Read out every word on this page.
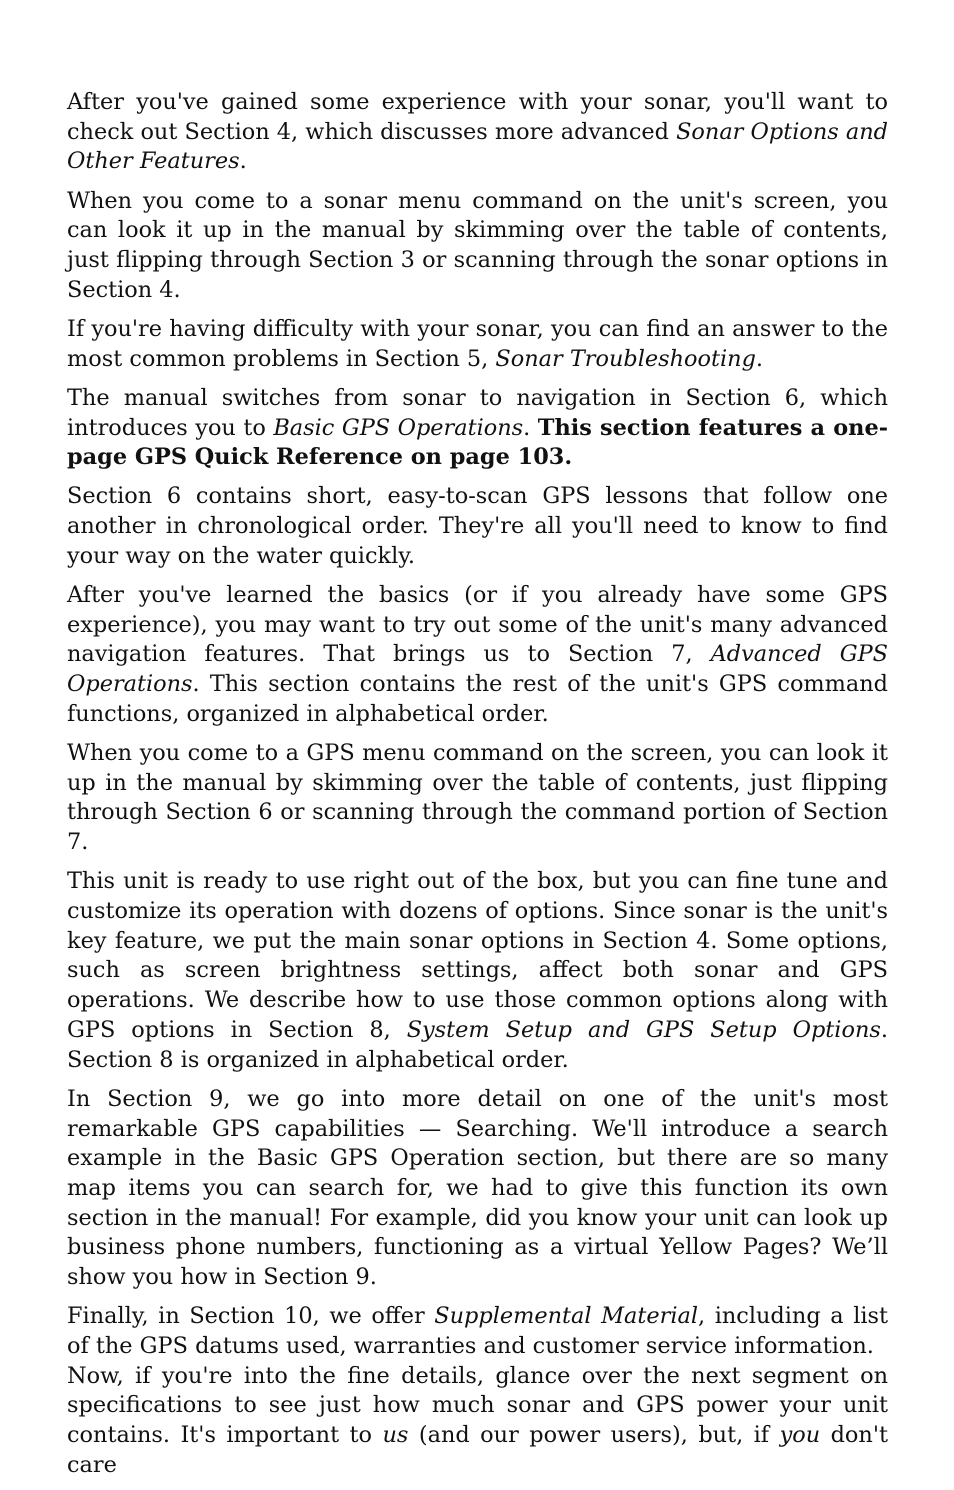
After you've gained some experience with your sonar, you'll want to check out Section 4, which discusses more advanced Sonar Options and Other Features.

When you come to a sonar menu command on the unit's screen, you can look it up in the manual by skimming over the table of contents, just flipping through Section 3 or scanning through the sonar options in Section 4.

If you're having difficulty with your sonar, you can find an answer to the most common problems in Section 5, Sonar Troubleshooting.

The manual switches from sonar to navigation in Section 6, which introduces you to Basic GPS Operations. This section features a one-page GPS Quick Reference on page 103.

Section 6 contains short, easy-to-scan GPS lessons that follow one another in chronological order. They're all you'll need to know to find your way on the water quickly.

After you've learned the basics (or if you already have some GPS experience), you may want to try out some of the unit's many advanced navigation features. That brings us to Section 7, Advanced GPS Operations. This section contains the rest of the unit's GPS command functions, organized in alphabetical order.

When you come to a GPS menu command on the screen, you can look it up in the manual by skimming over the table of contents, just flipping through Section 6 or scanning through the command portion of Section 7.

This unit is ready to use right out of the box, but you can fine tune and customize its operation with dozens of options. Since sonar is the unit's key feature, we put the main sonar options in Section 4. Some options, such as screen brightness settings, affect both sonar and GPS operations. We describe how to use those common options along with GPS options in Section 8, System Setup and GPS Setup Options. Section 8 is organized in alphabetical order.

In Section 9, we go into more detail on one of the unit's most remarkable GPS capabilities — Searching. We'll introduce a search example in the Basic GPS Operation section, but there are so many map items you can search for, we had to give this function its own section in the manual! For example, did you know your unit can look up business phone numbers, functioning as a virtual Yellow Pages? We’ll show you how in Section 9.

Finally, in Section 10, we offer Supplemental Material, including a list of the GPS datums used, warranties and customer service information.

Now, if you're into the fine details, glance over the next segment on specifications to see just how much sonar and GPS power your unit contains. It's important to us (and our power users), but, if you don't care
